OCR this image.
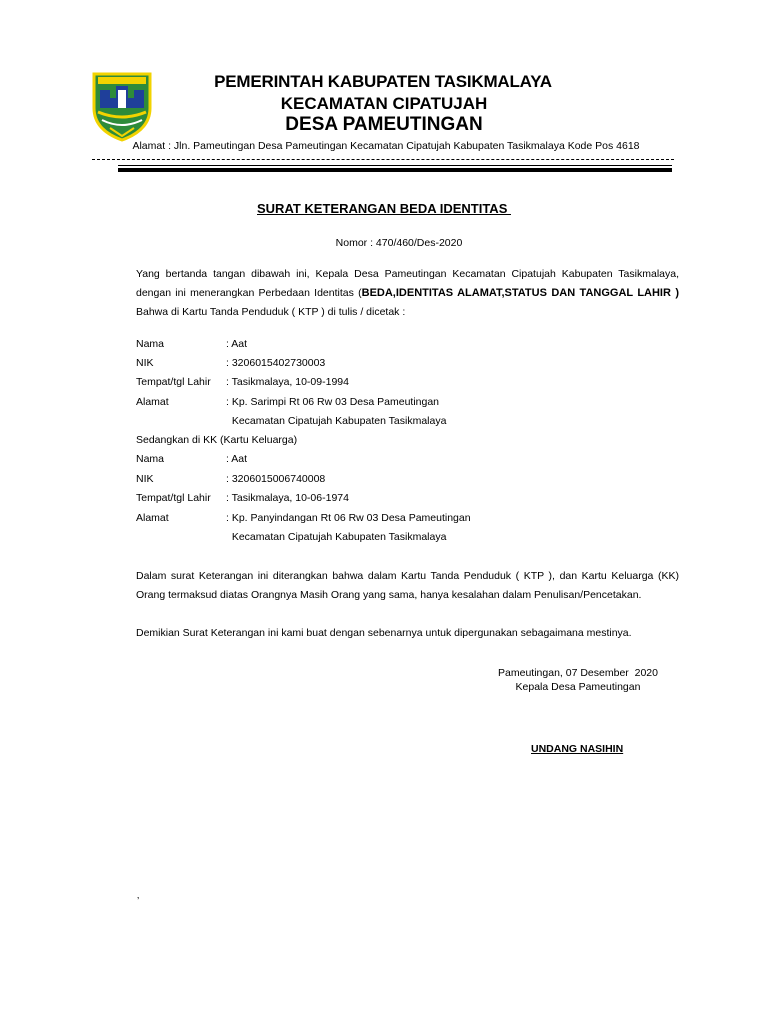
PEMERINTAH KABUPATEN TASIKMALAYA
KECAMATAN CIPATUJAH
DESA PAMEUTINGAN
Alamat : Jln. Pameutingan Desa Pameutingan Kecamatan Cipatujah Kabupaten Tasikmalaya Kode Pos 4618
SURAT KETERANGAN BEDA IDENTITAS
Nomor : 470/460/Des-2020
Yang bertanda tangan dibawah ini, Kepala Desa Pameutingan Kecamatan Cipatujah Kabupaten Tasikmalaya, dengan ini menerangkan Perbedaan Identitas (BEDA,IDENTITAS ALAMAT,STATUS DAN TANGGAL LAHIR ) Bahwa di Kartu Tanda Penduduk ( KTP ) di tulis / dicetak :
Nama	: Aat
NIK	: 3206015402730003
Tempat/tgl Lahir : Tasikmalaya, 10-09-1994
Alamat	: Kp. Sarimpi Rt 06 Rw 03 Desa Pameutingan
Kecamatan Cipatujah Kabupaten Tasikmalaya
Sedangkan di KK (Kartu Keluarga)
Nama	: Aat
NIK	: 3206015006740008
Tempat/tgl Lahir : Tasikmalaya, 10-06-1974
Alamat	: Kp. Panyindangan Rt 06 Rw 03 Desa Pameutingan
Kecamatan Cipatujah Kabupaten Tasikmalaya
Dalam surat Keterangan ini diterangkan bahwa dalam Kartu Tanda Penduduk ( KTP ), dan Kartu Keluarga (KK) Orang termaksud diatas Orangnya Masih Orang yang sama, hanya kesalahan dalam Penulisan/Pencetakan.
Demikian Surat Keterangan ini kami buat dengan sebenarnya untuk dipergunakan sebagaimana mestinya.
Pameutingan, 07 Desember  2020
Kepala Desa Pameutingan
UNDANG NASIHIN
‚
